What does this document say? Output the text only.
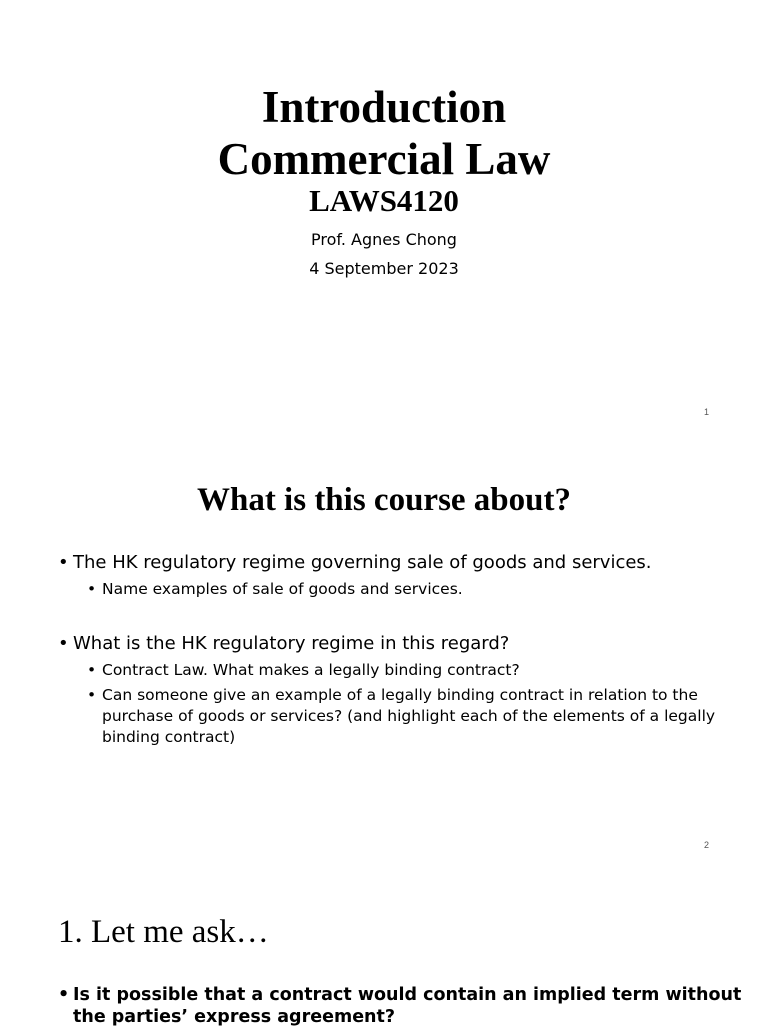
Introduction
Commercial Law
LAWS4120
Prof. Agnes Chong
4 September 2023
1
What is this course about?
• The HK regulatory regime governing sale of goods and services.
• Name examples of sale of goods and services.
• What is the HK regulatory regime in this regard?
• Contract Law. What makes a legally binding contract?
• Can someone give an example of a legally binding contract in relation to the purchase of goods or services? (and highlight each of the elements of a legally binding contract)
2
1. Let me ask…
• Is it possible that a contract would contain an implied term without the parties’ express agreement?
